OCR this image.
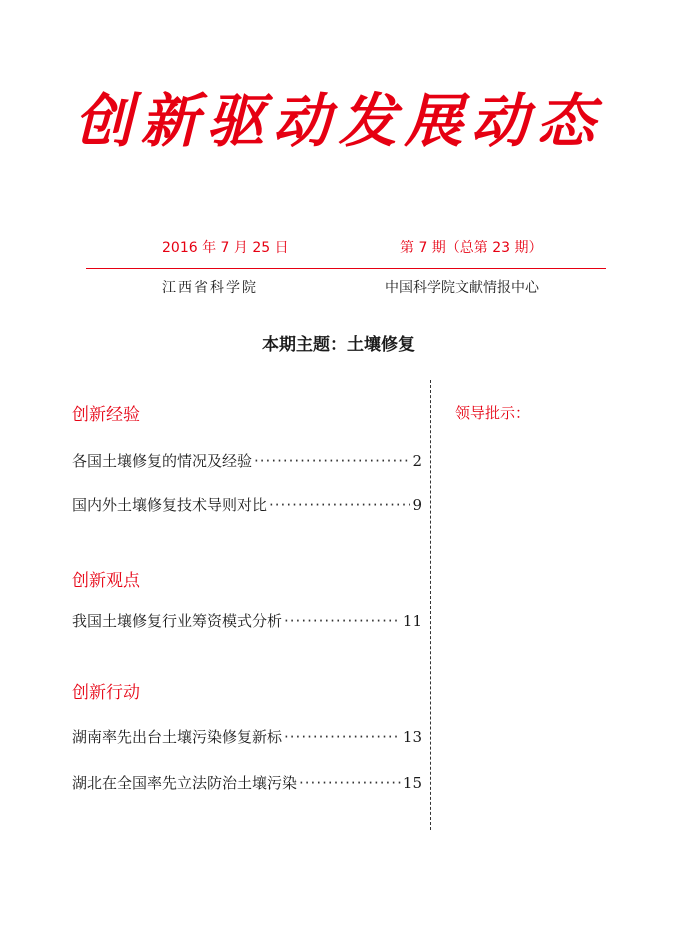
创新驱动发展动态
2016 年 7 月 25 日	第 7 期（总第 23 期）
江西省科学院	中国科学院文献情报中心
本期主题：土壤修复
领导批示：

创新经验

各国土壤修复的情况及经验 ·····	2
国内外土壤修复技术导则对比 ·····	9

创新观点

我国土壤修复行业筹资模式分析 ·····	11

创新行动

湖南率先出台土壤污染修复新标 ·····	13
湖北在全国率先立法防治土壤污染 ·····	15
